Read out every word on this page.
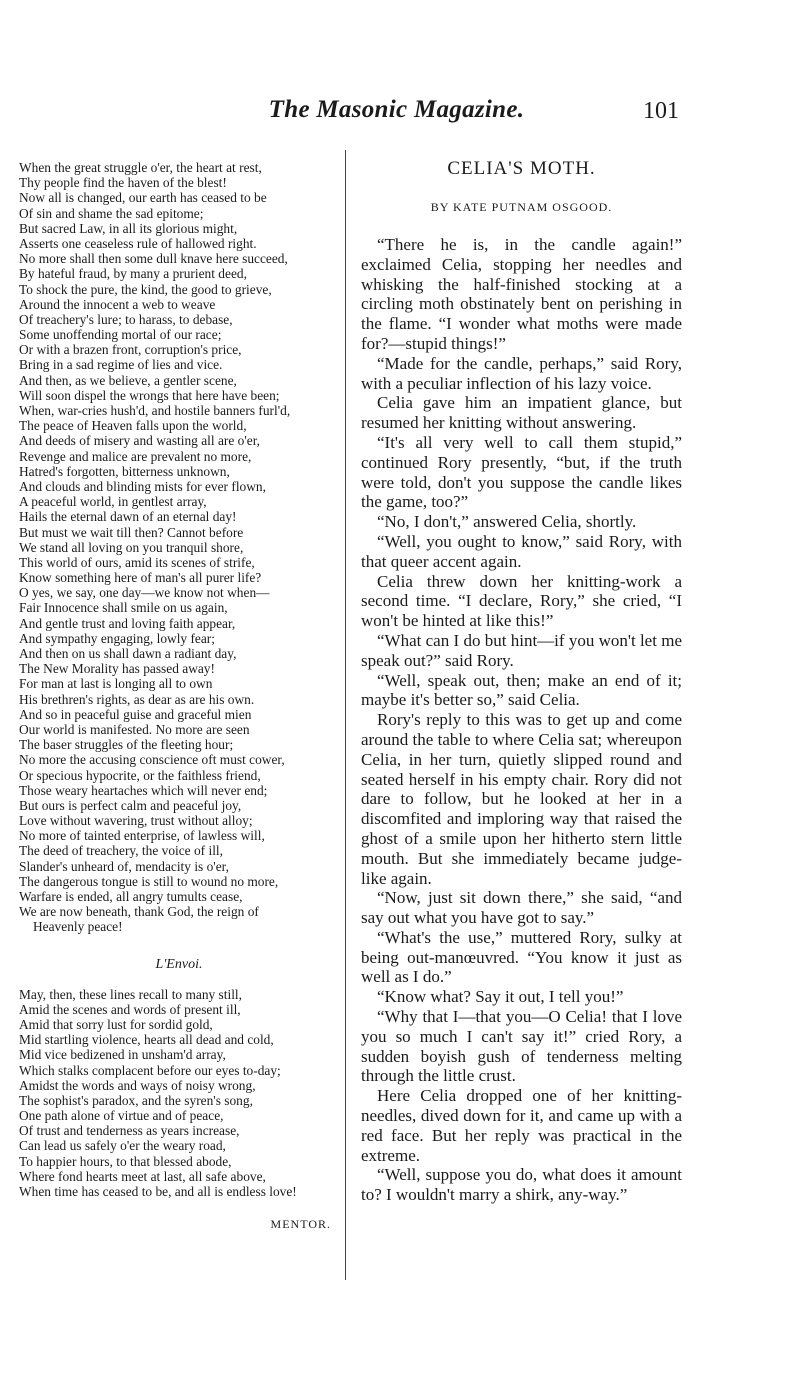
The Masonic Magazine.	101
When the great struggle o'er, the heart at rest,
Thy people find the haven of the blest!
Now all is changed, our earth has ceased to be
Of sin and shame the sad epitome;
But sacred Law, in all its glorious might,
Asserts one ceaseless rule of hallowed right.
No more shall then some dull knave here succeed,
By hateful fraud, by many a prurient deed,
To shock the pure, the kind, the good to grieve,
Around the innocent a web to weave
Of treachery's lure; to harass, to debase,
Some unoffending mortal of our race;
Or with a brazen front, corruption's price,
Bring in a sad regime of lies and vice.
And then, as we believe, a gentler scene,
Will soon dispel the wrongs that here have been;
When, war-cries hush'd, and hostile banners furl'd,
The peace of Heaven falls upon the world,
And deeds of misery and wasting all are o'er,
Revenge and malice are prevalent no more,
Hatred's forgotten, bitterness unknown,
And clouds and blinding mists for ever flown,
A peaceful world, in gentlest array,
Hails the eternal dawn of an eternal day!
But must we wait till then? Cannot before
We stand all loving on you tranquil shore,
This world of ours, amid its scenes of strife,
Know something here of man's all purer life?
O yes, we say, one day—we know not when—
Fair Innocence shall smile on us again,
And gentle trust and loving faith appear,
And sympathy engaging, lowly fear;
And then on us shall dawn a radiant day,
The New Morality has passed away!
For man at last is longing all to own
His brethren's rights, as dear as are his own.
And so in peaceful guise and graceful mien
Our world is manifested. No more are seen
The baser struggles of the fleeting hour;
No more the accusing conscience oft must cower,
Or specious hypocrite, or the faithless friend,
Those weary heartaches which will never end;
But ours is perfect calm and peaceful joy,
Love without wavering, trust without alloy;
No more of tainted enterprise, of lawless will,
The deed of treachery, the voice of ill,
Slander's unheard of, mendacity is o'er,
The dangerous tongue is still to wound no more,
Warfare is ended, all angry tumults cease,
We are now beneath, thank God, the reign of
Heavenly peace!
L'Envoi.
May, then, these lines recall to many still,
Amid the scenes and words of present ill,
Amid that sorry lust for sordid gold,
Mid startling violence, hearts all dead and cold,
Mid vice bedizened in unsham'd array,
Which stalks complacent before our eyes to-day;
Amidst the words and ways of noisy wrong,
The sophist's paradox, and the syren's song,
One path alone of virtue and of peace,
Of trust and tenderness as years increase,
Can lead us safely o'er the weary road,
To happier hours, to that blessed abode,
Where fond hearts meet at last, all safe above,
When time has ceased to be, and all is endless love!
MENTOR.
CELIA'S MOTH.
BY KATE PUTNAM OSGOOD.

“There he is, in the candle again!” exclaimed Celia, stopping her needles and whisking the half-finished stocking at a circling moth obstinately bent on perishing in the flame. “I wonder what moths were made for?—stupid things!”

“Made for the candle, perhaps,” said Rory, with a peculiar inflection of his lazy voice.

Celia gave him an impatient glance, but resumed her knitting without answering.

“It's all very well to call them stupid,” continued Rory presently, “but, if the truth were told, don't you suppose the candle likes the game, too?”

“No, I don't,” answered Celia, shortly.

“Well, you ought to know,” said Rory, with that queer accent again.

Celia threw down her knitting-work a second time. “I declare, Rory,” she cried, “I won't be hinted at like this!”

“What can I do but hint—if you won't let me speak out?” said Rory.

“Well, speak out, then; make an end of it; maybe it's better so,” said Celia.

Rory's reply to this was to get up and come around the table to where Celia sat; whereupon Celia, in her turn, quietly slipped round and seated herself in his empty chair. Rory did not dare to follow, but he looked at her in a discomfited and imploring way that raised the ghost of a smile upon her hitherto stern little mouth. But she immediately became judge-like again.

“Now, just sit down there,” she said, “and say out what you have got to say.”

“What's the use,” muttered Rory, sulky at being out-manœuvred. “You know it just as well as I do.”

“Know what? Say it out, I tell you!”

“Why that I—that you—O Celia! that I love you so much I can't say it!” cried Rory, a sudden boyish gush of tenderness melting through the little crust.

Here Celia dropped one of her knitting-needles, dived down for it, and came up with a red face. But her reply was practical in the extreme.

“Well, suppose you do, what does it amount to? I wouldn't marry a shirk, any-way.”
